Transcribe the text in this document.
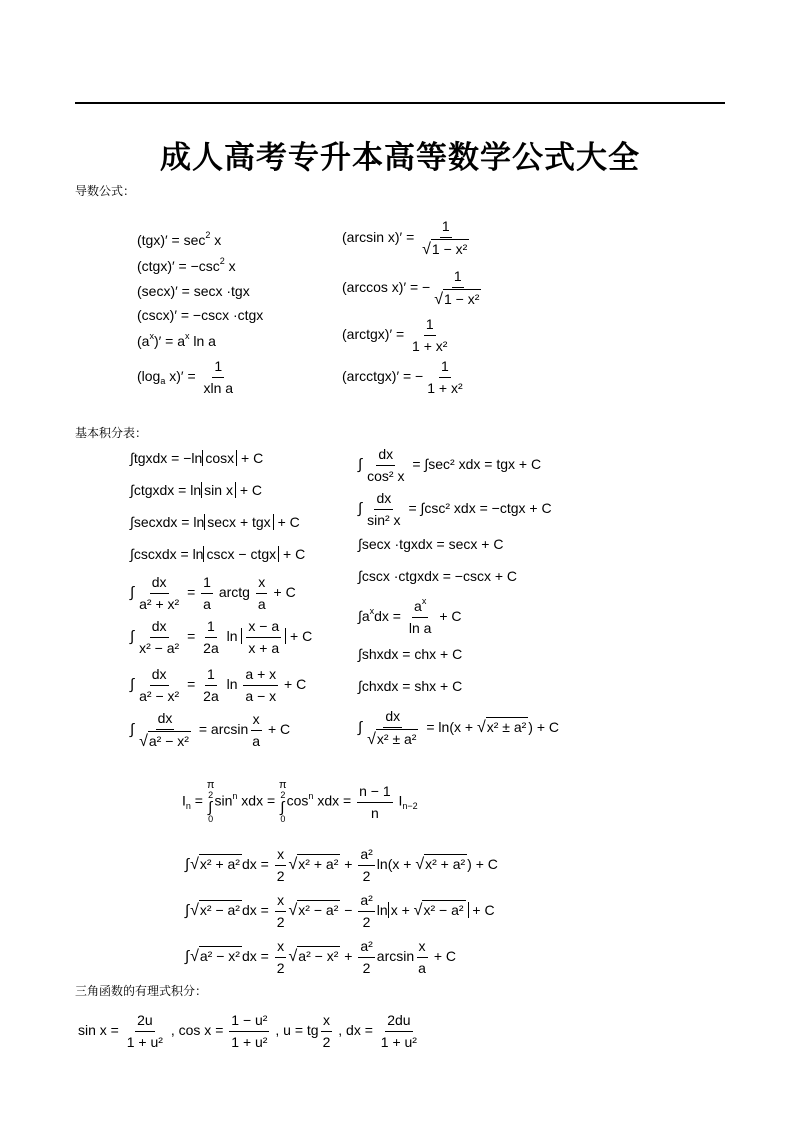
成人高考专升本高等数学公式大全
导数公式：
$(tgx)' = \sec^2 x$
(ctgx)′ = $-\csc^2$ x
(secx)′ = secx ·tgx
(cscx)′ = −cscx ·ctgx
$(a^x)' = a^x$ ln a
($\log_a$ $x)' = \frac{1}{\text{xln a}}$
(arcsin $x)' = \frac{1}{\text{√1 − x²}}$
(arccos x)′ = − $\frac{1}{\text{√1 − x²}}$
(arctgx)′ = $\frac{1}{\text{1 + x²}}$
(arcctgx)′ = − $\frac{1}{\text{1 + x²}}$
基本积分表：
∫tgxdx = −ln cosx + C
∫ctgxdx = ln sin x + C
∫secxdx = ln secx + tgx + C
∫cscxdx = ln cscx − ctgx + C
∫ $\frac{dx}{\text{a² + x²}} = \frac{1}{a}$ arctg $\frac{x}{a} + C$
∫ $\frac{dx}{\text{x² − a²}} = \frac{1}{2a}$ $\ln \frac{x - a}{x + a} + C$
∫ $\frac{dx}{\text{a² − x²}} = \frac{1}{2a}$ $\ln \frac{a + x}{a - x} + C$
∫ $\frac{dx}{\text{√a² − x²}} = \arcsin \frac{x}{a} + C$
∫ $\frac{dx}{\text{cos² x}} = \int\sec^2$ xdx = tgx + C
∫ $\frac{dx}{\text{sin² x}} = \int\csc^2$ xdx = −ctgx + C
∫secx ·tgxdx = secx + C
∫cscx ·ctgxdx = −cscx + C
$\int a^xdx = \frac{a^x}{\text{ln a}} + C$
∫shxdx = chx + C
∫chxdx = shx + C
∫ $\frac{dx}{\text{√x² ± a²}} = \ln(x + √x^2 \pm a^2$ ) + C
$I_n$ =
π
2
∫
0
$\sin^n$ xdx =
π
2
∫
0
$\cos^n$ xdx = $\frac{n - 1}{n} I_{n-2}$
∫√x² + a² dx = $\frac{x}{2} √x^2 + a^2 + \frac{\text{a²}}{2} \ln(x + √x^2 + a^2$ ) + C
∫√x² − a² dx = $\frac{x}{2} √x^2 - a^2 - \frac{\text{a²}}{2}$ ln x + √x² − a² + C
∫√a² − x² dx = $\frac{x}{2} √a^2 - x^2 + \frac{\text{a²}}{2}$ $\arcsin \frac{x}{a} + C$
三角函数的有理式积分：
$\sin x = \frac{2u}{\text{1 + u²}}$ , $\cos x = \frac{\text{1 − u²}}{\text{1 + u²}}$ , u = tg $\frac{x}{2}$ , dx = $\frac{2du}{\text{1 + u²}}$
